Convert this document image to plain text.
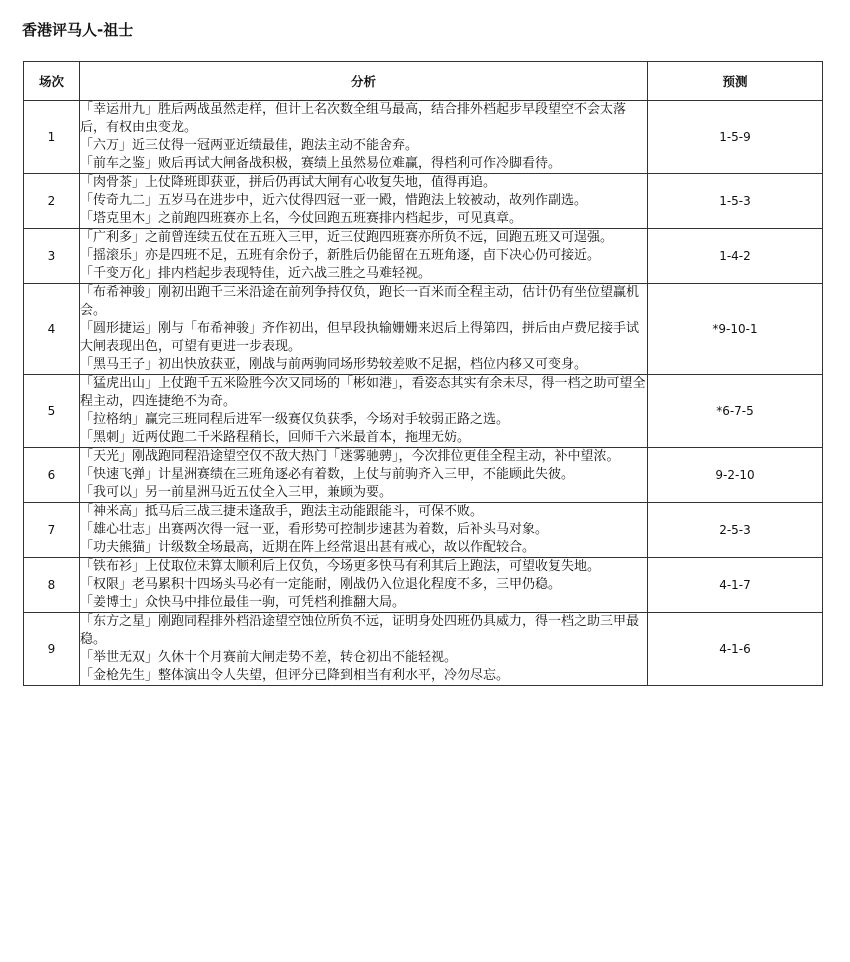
香港评马人-祖士
场次	分析	预测
1	「幸运卅九」胜后两战虽然走样，但计上名次数全组马最高，结合排外档起步早段望空不会太落后，有权由虫变龙。
「六万」近三仗得一冠两亚近绩最佳，跑法主动不能舍弃。
「前车之鉴」败后再试大闸备战积极，赛绩上虽然易位难赢，得档利可作冷脚看待。	1-5-9
2	「肉骨茶」上仗降班即获亚，拼后仍再试大闸有心收复失地，值得再追。
「传奇九二」五岁马在进步中，近六仗得四冠一亚一殿，惜跑法上较被动，故列作副选。
「塔克里木」之前跑四班赛亦上名，今仗回跑五班赛排内档起步，可见真章。	1-5-3
3	「广利多」之前曾连续五仗在五班入三甲，近三仗跑四班赛亦所负不远，回跑五班又可逞强。
「摇滚乐」亦是四班不足，五班有余份子，新胜后仍能留在五班角逐，卣下决心仍可接近。
「千变万化」排内档起步表现特佳，近六战三胜之马难轻视。	1-4-2
4	「布希神骏」刚初出跑千三米沿途在前列争持仅负，跑长一百米而全程主动，估计仍有坐位望赢机会。
「圆形捷运」刚与「布希神骏」齐作初出，但早段执输姗姗来迟后上得第四，拼后由卢费尼接手试大闸表现出色，可望有更进一步表现。
「黑马王子」初出快放获亚，刚战与前两驹同场形势较差败不足据，档位内移又可变身。	*9-10-1
5	「猛虎出山」上仗跑千五米险胜今次又同场的「彬如港」，看姿态其实有余未尽，得一档之助可望全程主动，四连捷绝不为奇。
「拉格纳」赢完三班同程后进军一级赛仅负获季，今场对手较弱正路之选。
「黑刺」近两仗跑二千米路程稍长，回师千六米最首本，拖埋无妨。	*6-7-5
6	「天光」刚战跑同程沿途望空仅不敌大热门「迷雾驰骋」，今次排位更佳全程主动，补中望浓。
「快速飞弹」计星洲赛绩在三班角逐必有着数，上仗与前驹齐入三甲，不能顾此失彼。
「我可以」另一前星洲马近五仗全入三甲，兼顾为要。	9-2-10
7	「神米高」抵马后三战三捷未逢敌手，跑法主动能跟能斗，可保不败。
「雄心壮志」出赛两次得一冠一亚，看形势可控制步速甚为着数，后补头马对象。
「功夫熊猫」计级数全场最高，近期在阵上经常退出甚有戒心，故以作配较合。	2-5-3
8	「铁布衫」上仗取位未算太顺利后上仅负，今场更多快马有利其后上跑法，可望收复失地。
「权限」老马累积十四场头马必有一定能耐，刚战仍入位退化程度不多，三甲仍稳。
「姜博士」众快马中排位最佳一驹，可凭档利推翻大局。	4-1-7
9	「东方之星」刚跑同程排外档沿途望空蚀位所负不远，证明身处四班仍具威力，得一档之助三甲最稳。
「举世无双」久休十个月赛前大闸走势不差，转仓初出不能轻视。
「金枪先生」整体演出令人失望，但评分已降到相当有利水平，冷勿尽忘。	4-1-6
